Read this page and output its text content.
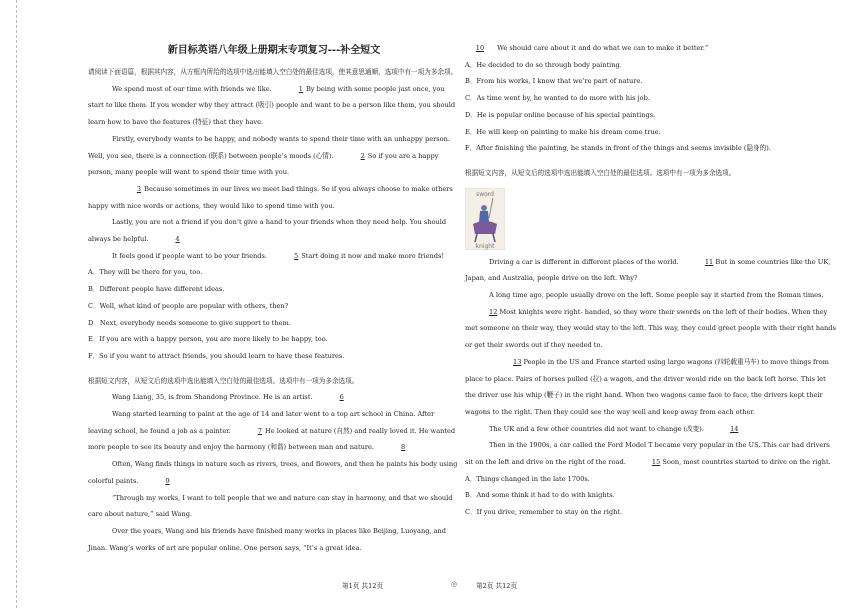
新目标英语八年级上册期末专项复习---补全短文

请阅读下面语篇，根据其内容，从方框内所给的选项中选出能填入空白处的最佳选项，使其意思通顺，选项中有一项为多余项。

We spend most of our time with friends we like.	1 By being with some people just once, you start to like them. If you wonder why they attract (吸引) people and want to be a person like them, you should learn how to have the features (特征) that they have.

Firstly, everybody wants to be happy, and nobody wants to spend their time with an unhappy person. Well, you see, there is a connection (联系) between people’s moods (心情).	2 So if you are a happy person, many people will want to spend their time with you.

3 Because sometimes in our lives we meet bad things. So if you always choose to make others happy with nice words or actions, they would like to spend time with you.

Lastly, you are not a friend if you don’t give a hand to your friends when they need help. You should always be helpful.	4

It feels good if people want to be your friends.	5 Start doing it now and make more friends!

A．They will be there for you, too.

B．Different people have different ideas.

C．Well, what kind of people are popular with others, then?

D．Next, everybody needs someone to give support to them.

E．If you are with a happy person, you are more likely to be happy, too.

F．So if you want to attract friends, you should learn to have these features.

根据短文内容，从短文后的选项中选出能填入空白处的最佳选项。选项中有一项为多余选项。

Wang Liang, 35, is from Shandong Province. He is an artist.	6

Wang started learning to paint at the age of 14 and later went to a top art school in China. After leaving school, he found a job as a painter.	7 He looked at nature (自然) and really loved it. He wanted more people to see its beauty and enjoy the harmony (和谐) between man and nature.	8

Often, Wang finds things in nature such as rivers, trees, and flowers, and then he paints his body using colorful paints.	9

“Through my works, I want to tell people that we and nature can stay in harmony, and that we should care about nature,” said Wang.

Over the years, Wang and his friends have finished many works in places like Beijing, Luoyang, and Jinan. Wang’s works of art are popular online. One person says, “It’s a great idea.

10 We should care about it and do what we can to make it better.”

A．He decided to do so through body painting.

B．From his works, I know that we’re part of nature.

C．As time went by, he wanted to do more with his job.

D．He is popular online because of his special paintings.

E．He will keep on painting to make his dream come true.

F．After finishing the painting, he stands in front of the things and seems invisible (隐身的).

根据短文内容，从短文后的选项中选出能填入空白处的最佳选项。选项中有一项为多余选项。

sword
knight

Driving a car is different in different places of the world.	11 But in some countries like the UK, Japan, and Australia, people drive on the left. Why?

A long time ago, people usually drove on the left. Some people say it started from the Roman times. 12 Most knights were right- handed, so they wore their swords on the left of their bodies. When they met someone on their way, they would stay to the left. This way, they could greet people with their right hands or get their swords out if they needed to.

13 People in the US and France started using large wagons (四轮载重马车) to move things from place to place. Pairs of horses pulled (拉) a wagon, and the driver would ride on the back left horse. This let the driver use his whip (鞭子) in the right hand. When two wagons came face to face, the drivers kept their wagons to the right. Then they could see the way well and keep away from each other.

The UK and a few other countries did not want to change (改变).	14

Then in the 1900s, a car called the Ford Model T became very popular in the US. This car had drivers sit on the left and drive on the right of the road.	15 Soon, most countries started to drive on the right.

A．Things changed in the late 1700s.

B．And some think it had to do with knights.

C．If you drive, remember to stay on the right.

第1页 共12页	◎	第2页 共12页
